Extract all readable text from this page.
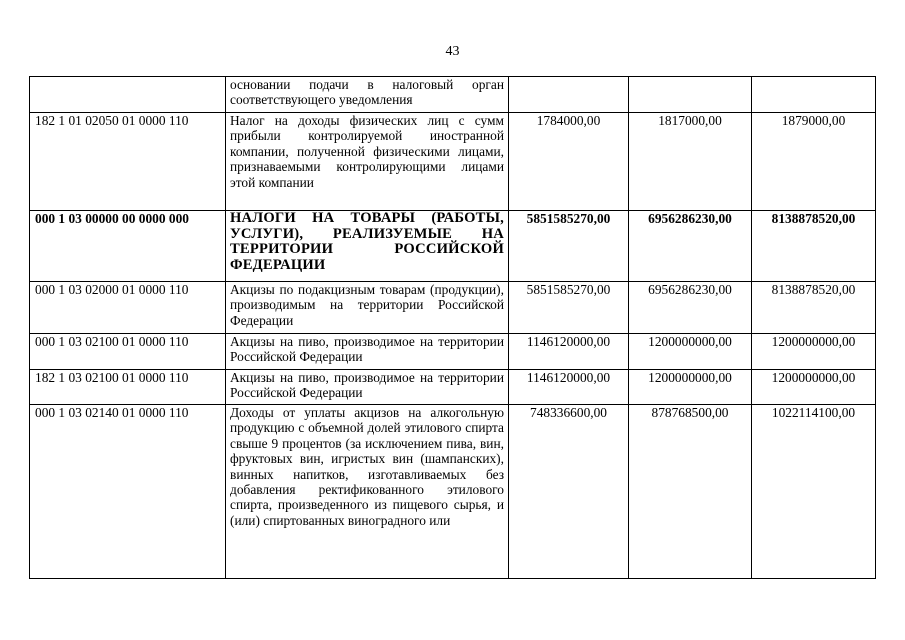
43

	основании подачи в налоговый орган соответствующего уведомления			

182 1 01 02050 01 0000 110	Налог на доходы физических лиц с сумм прибыли контролируемой иностранной компании, полученной физическими лицами, признаваемыми контролирующими лицами этой компании	1784000,00	1817000,00	1879000,00
000 1 03 00000 00 0000 000	НАЛОГИ НА ТОВАРЫ (РАБОТЫ, УСЛУГИ), РЕАЛИЗУЕМЫЕ НА ТЕРРИТОРИИ РОССИЙСКОЙ ФЕДЕРАЦИИ	5851585270,00	6956286230,00	8138878520,00
000 1 03 02000 01 0000 110	Акцизы по подакцизным товарам (продукции), производимым на территории Российской Федерации	5851585270,00	6956286230,00	8138878520,00
000 1 03 02100 01 0000 110	Акцизы на пиво, производимое на территории Российской Федерации	1146120000,00	1200000000,00	1200000000,00
182 1 03 02100 01 0000 110	Акцизы на пиво, производимое на территории Российской Федерации	1146120000,00	1200000000,00	1200000000,00
000 1 03 02140 01 0000 110	Доходы от уплаты акцизов на алкогольную продукцию с объемной долей этилового спирта свыше 9 процентов (за исключением пива, вин, фруктовых вин, игристых вин (шампанских), винных напитков, изготавливаемых без добавления ректификованного этилового спирта, произведенного из пищевого сырья, и (или) спиртованных виноградного или	748336600,00	878768500,00	1022114100,00
